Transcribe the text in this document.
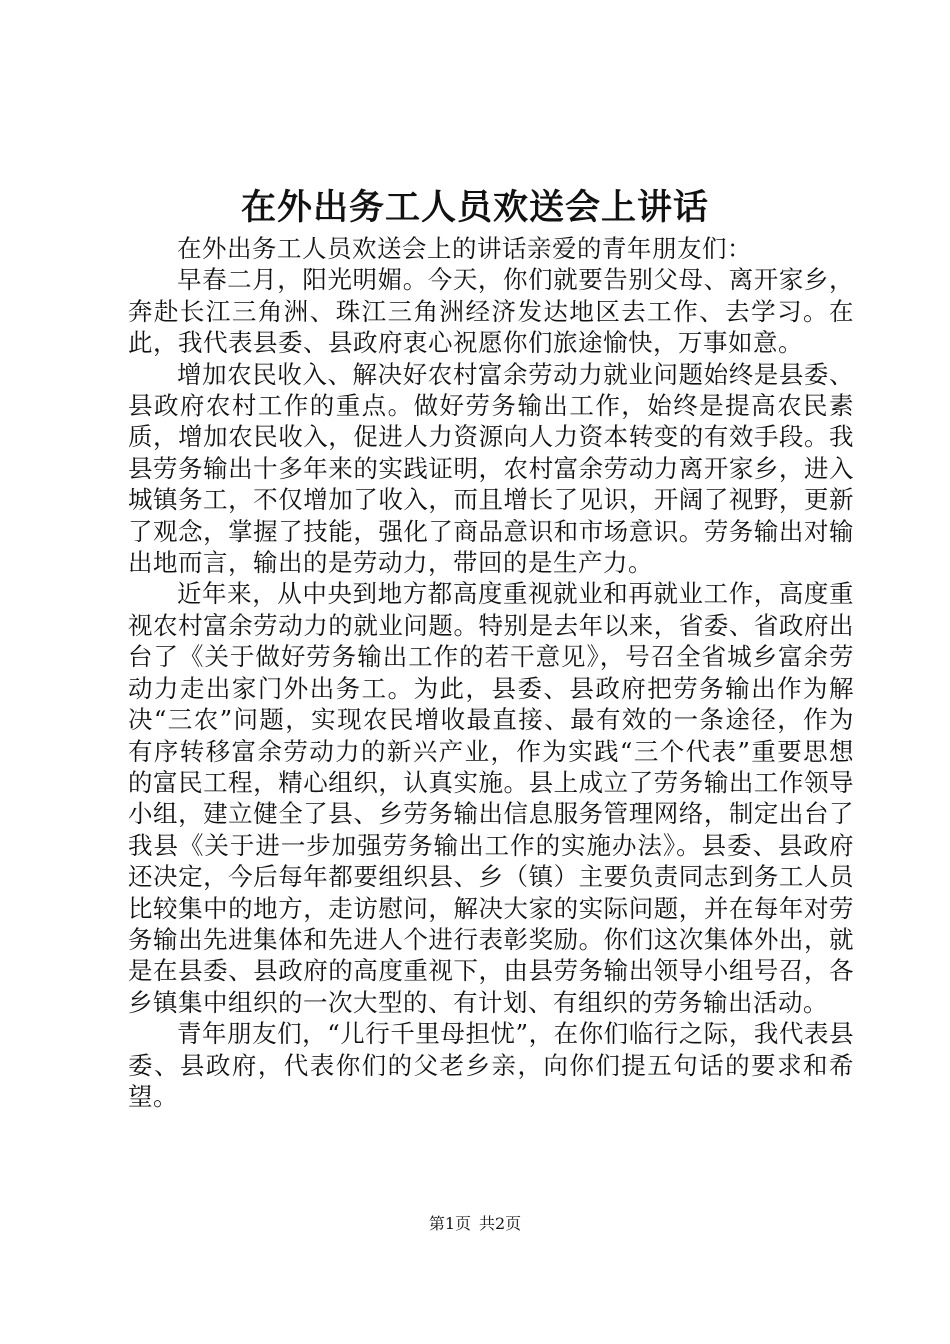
在外出务工人员欢送会上讲话

在外出务工人员欢送会上的讲话亲爱的青年朋友们：

早春二月，阳光明媚。今天，你们就要告别父母、离开家乡，奔赴长江三角洲、珠江三角洲经济发达地区去工作、去学习。在此，我代表县委、县政府衷心祝愿你们旅途愉快，万事如意。

增加农民收入、解决好农村富余劳动力就业问题始终是县委、县政府农村工作的重点。做好劳务输出工作，始终是提高农民素质，增加农民收入，促进人力资源向人力资本转变的有效手段。我县劳务输出十多年来的实践证明，农村富余劳动力离开家乡，进入城镇务工，不仅增加了收入，而且增长了见识，开阔了视野，更新了观念，掌握了技能，强化了商品意识和市场意识。劳务输出对输出地而言，输出的是劳动力，带回的是生产力。

近年来，从中央到地方都高度重视就业和再就业工作，高度重视农村富余劳动力的就业问题。特别是去年以来，省委、省政府出台了《关于做好劳务输出工作的若干意见》，号召全省城乡富余劳动力走出家门外出务工。为此，县委、县政府把劳务输出作为解决“三农”问题，实现农民增收最直接、最有效的一条途径，作为有序转移富余劳动力的新兴产业，作为实践“三个代表”重要思想的富民工程，精心组织，认真实施。县上成立了劳务输出工作领导小组，建立健全了县、乡劳务输出信息服务管理网络，制定出台了我县《关于进一步加强劳务输出工作的实施办法》。县委、县政府还决定，今后每年都要组织县、乡（镇）主要负责同志到务工人员比较集中的地方，走访慰问，解决大家的实际问题，并在每年对劳务输出先进集体和先进人个进行表彰奖励。你们这次集体外出，就是在县委、县政府的高度重视下，由县劳务输出领导小组号召，各乡镇集中组织的一次大型的、有计划、有组织的劳务输出活动。

青年朋友们，“儿行千里母担忧”，在你们临行之际，我代表县委、县政府，代表你们的父老乡亲，向你们提五句话的要求和希望。

第1页 共2页
